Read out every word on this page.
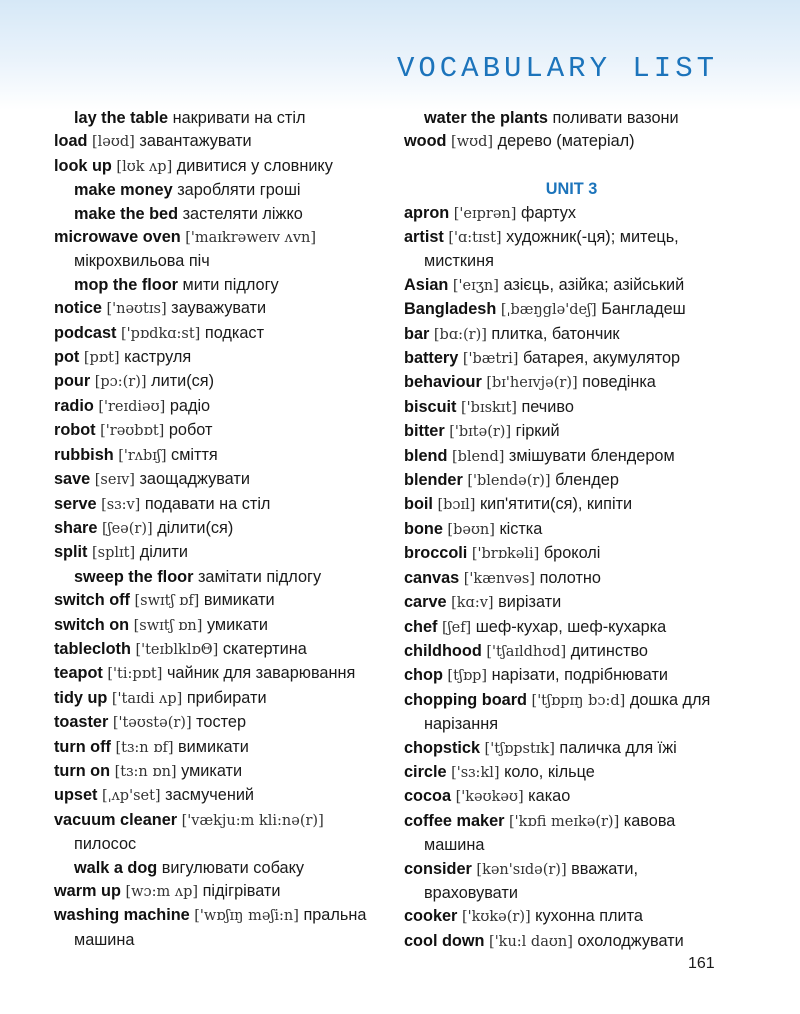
VOCABULARY LIST
lay the table накривати на стіл
load [ləʊd] завантажувати
look up [lʊk ʌp] дивитися у словнику
make money заробляти гроші
make the bed застеляти ліжко
microwave oven ['maɪkrəweɪv ʌvn]
мікрохвильова піч
mop the floor мити підлогу
notice ['nəʊtɪs] зауважувати
podcast ['pɒdkɑ:st] подкаст
pot [pɒt] каструля
pour [pɔ:(r)] лити(ся)
radio ['reɪdiəʊ] радіо
robot ['rəʊbɒt] робот
rubbish ['rʌbɪʃ] сміття
save [seɪv] заощаджувати
serve [sɜ:v] подавати на стіл
share [ʃeə(r)] ділити(ся)
split [splɪt] ділити
sweep the floor замітати підлогу
switch off [swɪtʃ ɒf] вимикати
switch on [swɪtʃ ɒn] умикати
tablecloth ['teɪblklɒΘ] скатертина
teapot ['ti:pɒt] чайник для заварювання
tidy up ['taɪdi ʌp] прибирати
toaster ['təʊstə(r)] тостер
turn off [tɜ:n ɒf] вимикати
turn on [tɜ:n ɒn] умикати
upset [ˌʌp'set] засмучений
vacuum cleaner ['vækju:m kli:nə(r)]
пилосос
walk a dog вигулювати собаку
warm up [wɔ:m ʌp] підігрівати
washing machine ['wɒʃɪŋ məʃi:n] пральна
машина
water the plants поливати вазони
wood [wʊd] дерево (матеріал)
UNIT 3
apron ['eɪprən] фартух
artist ['ɑ:tɪst] художник(-ця); митець,
мисткиня
Asian ['eɪʒn] азієць, азійка; азійський
Bangladesh [ˌbæŋglə'deʃ] Бангладеш
bar [bɑ:(r)] плитка, батончик
battery ['bætri] батарея, акумулятор
behaviour [bɪ'heɪvjə(r)] поведінка
biscuit ['bɪskɪt] печиво
bitter ['bɪtə(r)] гіркий
blend [blend] змішувати блендером
blender ['blendə(r)] блендер
boil [bɔɪl] кип'ятити(ся), кипіти
bone [bəʊn] кістка
broccoli ['brɒkəli] броколі
canvas ['kænvəs] полотно
carve [kɑ:v] вирізати
chef [ʃef] шеф-кухар, шеф-кухарка
childhood ['tʃaɪldhʊd] дитинство
chop [tʃɒp] нарізати, подрібнювати
chopping board ['tʃɒpɪŋ bɔ:d] дошка для
нарізання
chopstick ['tʃɒpstɪk] паличка для їжі
circle ['sɜ:kl] коло, кільце
cocoa ['kəʊkəʊ] какао
coffee maker ['kɒfi meɪkə(r)] кавова
машина
consider [kən'sɪdə(r)] вважати,
враховувати
cooker ['kʊkə(r)] кухонна плита
cool down ['ku:l daʊn] охолоджувати
161
